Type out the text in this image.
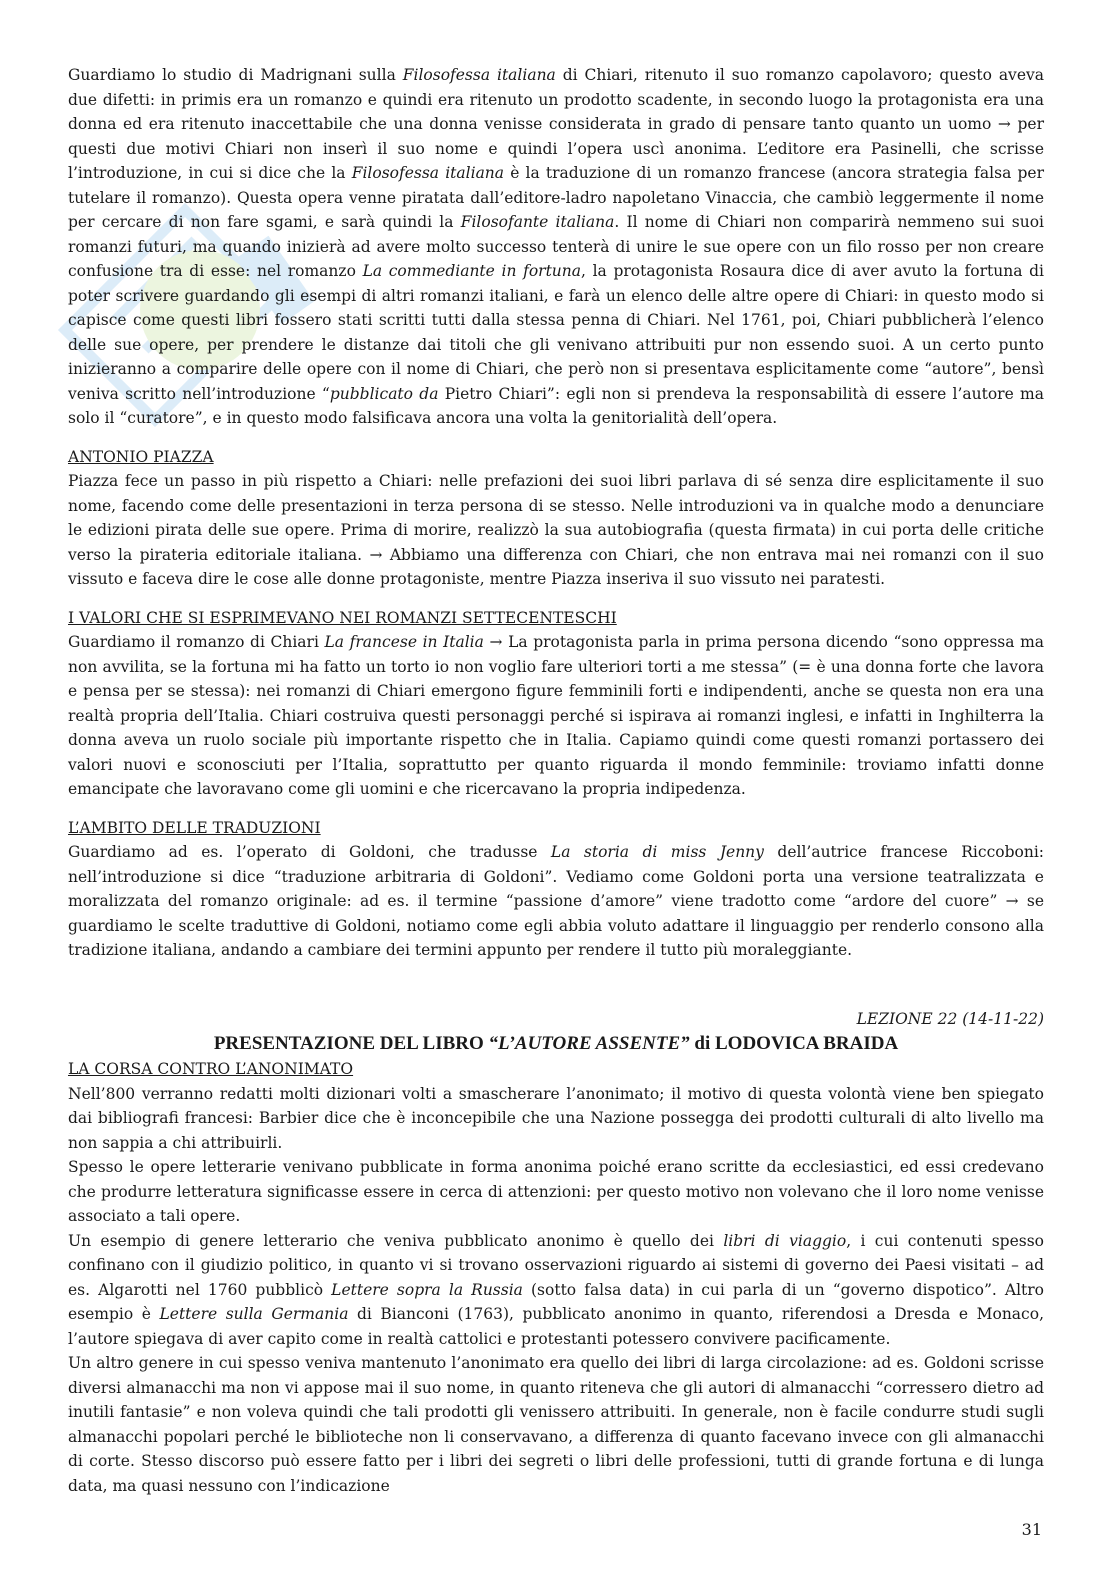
Guardiamo lo studio di Madrignani sulla Filosofessa italiana di Chiari, ritenuto il suo romanzo capolavoro; questo aveva due difetti: in primis era un romanzo e quindi era ritenuto un prodotto scadente, in secondo luogo la protagonista era una donna ed era ritenuto inaccettabile che una donna venisse considerata in grado di pensare tanto quanto un uomo → per questi due motivi Chiari non inserì il suo nome e quindi l’opera uscì anonima. L’editore era Pasinelli, che scrisse l’introduzione, in cui si dice che la Filosofessa italiana è la traduzione di un romanzo francese (ancora strategia falsa per tutelare il romanzo). Questa opera venne piratata dall’editore-ladro napoletano Vinaccia, che cambiò leggermente il nome per cercare di non fare sgami, e sarà quindi la Filosofante italiana. Il nome di Chiari non comparirà nemmeno sui suoi romanzi futuri, ma quando inizierà ad avere molto successo tenterà di unire le sue opere con un filo rosso per non creare confusione tra di esse: nel romanzo La commediante in fortuna, la protagonista Rosaura dice di aver avuto la fortuna di poter scrivere guardando gli esempi di altri romanzi italiani, e farà un elenco delle altre opere di Chiari: in questo modo si capisce come questi libri fossero stati scritti tutti dalla stessa penna di Chiari. Nel 1761, poi, Chiari pubblicherà l’elenco delle sue opere, per prendere le distanze dai titoli che gli venivano attribuiti pur non essendo suoi. A un certo punto inizieranno a comparire delle opere con il nome di Chiari, che però non si presentava esplicitamente come “autore”, bensì veniva scritto nell’introduzione “pubblicato da Pietro Chiari”: egli non si prendeva la responsabilità di essere l’autore ma solo il “curatore”, e in questo modo falsificava ancora una volta la genitorialità dell’opera.

ANTONIO PIAZZA

Piazza fece un passo in più rispetto a Chiari: nelle prefazioni dei suoi libri parlava di sé senza dire esplicitamente il suo nome, facendo come delle presentazioni in terza persona di se stesso. Nelle introduzioni va in qualche modo a denunciare le edizioni pirata delle sue opere. Prima di morire, realizzò la sua autobiografia (questa firmata) in cui porta delle critiche verso la pirateria editoriale italiana. → Abbiamo una differenza con Chiari, che non entrava mai nei romanzi con il suo vissuto e faceva dire le cose alle donne protagoniste, mentre Piazza inseriva il suo vissuto nei paratesti.

I VALORI CHE SI ESPRIMEVANO NEI ROMANZI SETTECENTESCHI

Guardiamo il romanzo di Chiari La francese in Italia → La protagonista parla in prima persona dicendo “sono oppressa ma non avvilita, se la fortuna mi ha fatto un torto io non voglio fare ulteriori torti a me stessa” (= è una donna forte che lavora e pensa per se stessa): nei romanzi di Chiari emergono figure femminili forti e indipendenti, anche se questa non era una realtà propria dell’Italia. Chiari costruiva questi personaggi perché si ispirava ai romanzi inglesi, e infatti in Inghilterra la donna aveva un ruolo sociale più importante rispetto che in Italia. Capiamo quindi come questi romanzi portassero dei valori nuovi e sconosciuti per l’Italia, soprattutto per quanto riguarda il mondo femminile: troviamo infatti donne emancipate che lavoravano come gli uomini e che ricercavano la propria indipedenza.

L’AMBITO DELLE TRADUZIONI

Guardiamo ad es. l’operato di Goldoni, che tradusse La storia di miss Jenny dell’autrice francese Riccoboni: nell’introduzione si dice “traduzione arbitraria di Goldoni”. Vediamo come Goldoni porta una versione teatralizzata e moralizzata del romanzo originale: ad es. il termine “passione d’amore” viene tradotto come “ardore del cuore” → se guardiamo le scelte traduttive di Goldoni, notiamo come egli abbia voluto adattare il linguaggio per renderlo consono alla tradizione italiana, andando a cambiare dei termini appunto per rendere il tutto più moraleggiante.

LEZIONE 22 (14-11-22)

PRESENTAZIONE DEL LIBRO “L’AUTORE ASSENTE” di LODOVICA BRAIDA

LA CORSA CONTRO L’ANONIMATO

Nell’800 verranno redatti molti dizionari volti a smascherare l’anonimato; il motivo di questa volontà viene ben spiegato dai bibliografi francesi: Barbier dice che è inconcepibile che una Nazione possegga dei prodotti culturali di alto livello ma non sappia a chi attribuirli.

Spesso le opere letterarie venivano pubblicate in forma anonima poiché erano scritte da ecclesiastici, ed essi credevano che produrre letteratura significasse essere in cerca di attenzioni: per questo motivo non volevano che il loro nome venisse associato a tali opere.

Un esempio di genere letterario che veniva pubblicato anonimo è quello dei libri di viaggio, i cui contenuti spesso confinano con il giudizio politico, in quanto vi si trovano osservazioni riguardo ai sistemi di governo dei Paesi visitati – ad es. Algarotti nel 1760 pubblicò Lettere sopra la Russia (sotto falsa data) in cui parla di un “governo dispotico”. Altro esempio è Lettere sulla Germania di Bianconi (1763), pubblicato anonimo in quanto, riferendosi a Dresda e Monaco, l’autore spiegava di aver capito come in realtà cattolici e protestanti potessero convivere pacificamente.

Un altro genere in cui spesso veniva mantenuto l’anonimato era quello dei libri di larga circolazione: ad es. Goldoni scrisse diversi almanacchi ma non vi appose mai il suo nome, in quanto riteneva che gli autori di almanacchi “corressero dietro ad inutili fantasie” e non voleva quindi che tali prodotti gli venissero attribuiti. In generale, non è facile condurre studi sugli almanacchi popolari perché le biblioteche non li conservavano, a differenza di quanto facevano invece con gli almanacchi di corte. Stesso discorso può essere fatto per i libri dei segreti o libri delle professioni, tutti di grande fortuna e di lunga data, ma quasi nessuno con l’indicazione

31
